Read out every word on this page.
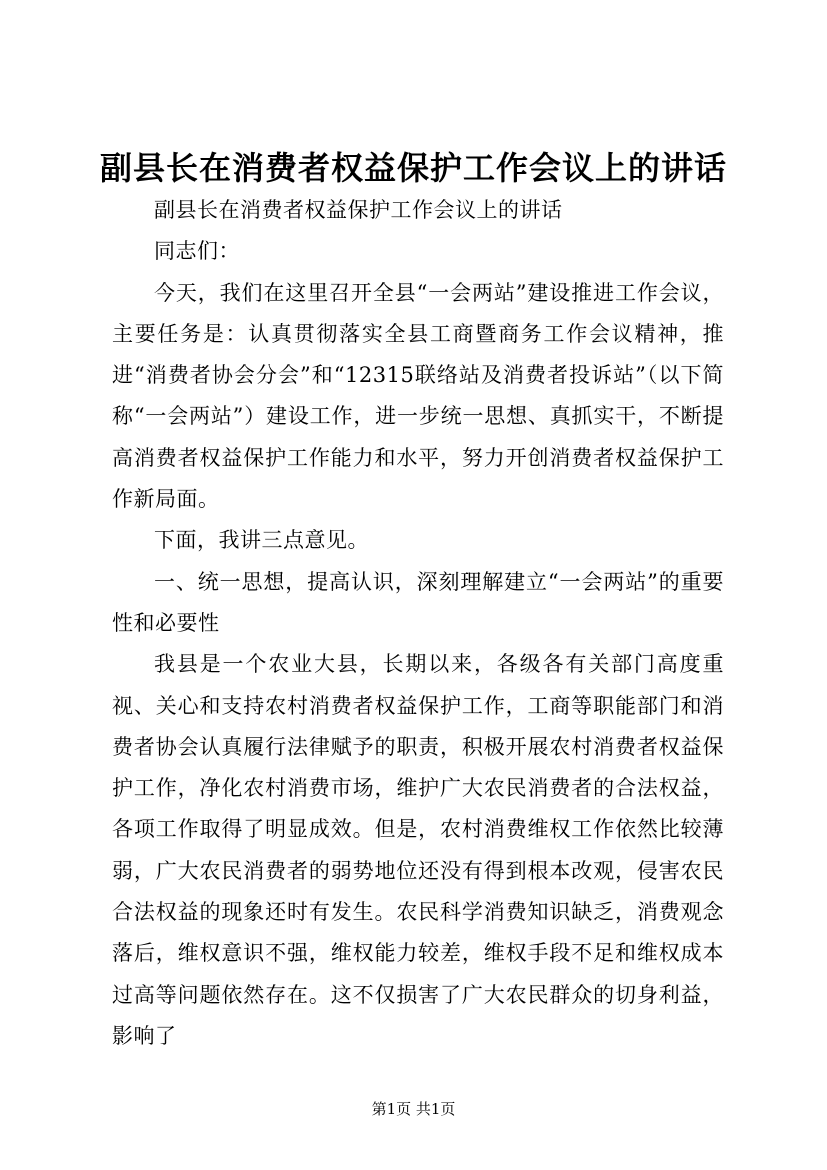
副县长在消费者权益保护工作会议上的讲话

副县长在消费者权益保护工作会议上的讲话

同志们：

今天，我们在这里召开全县“一会两站”建设推进工作会议，主要任务是：认真贯彻落实全县工商暨商务工作会议精神，推进“消费者协会分会”和“12315联络站及消费者投诉站”（以下简称“一会两站”）建设工作，进一步统一思想、真抓实干，不断提高消费者权益保护工作能力和水平，努力开创消费者权益保护工作新局面。

下面，我讲三点意见。

一、统一思想，提高认识，深刻理解建立“一会两站”的重要性和必要性

我县是一个农业大县，长期以来，各级各有关部门高度重视、关心和支持农村消费者权益保护工作，工商等职能部门和消费者协会认真履行法律赋予的职责，积极开展农村消费者权益保护工作，净化农村消费市场，维护广大农民消费者的合法权益，各项工作取得了明显成效。但是，农村消费维权工作依然比较薄弱，广大农民消费者的弱势地位还没有得到根本改观，侵害农民合法权益的现象还时有发生。农民科学消费知识缺乏，消费观念落后，维权意识不强，维权能力较差，维权手段不足和维权成本过高等问题依然存在。这不仅损害了广大农民群众的切身利益，影响了

第1页 共1页
